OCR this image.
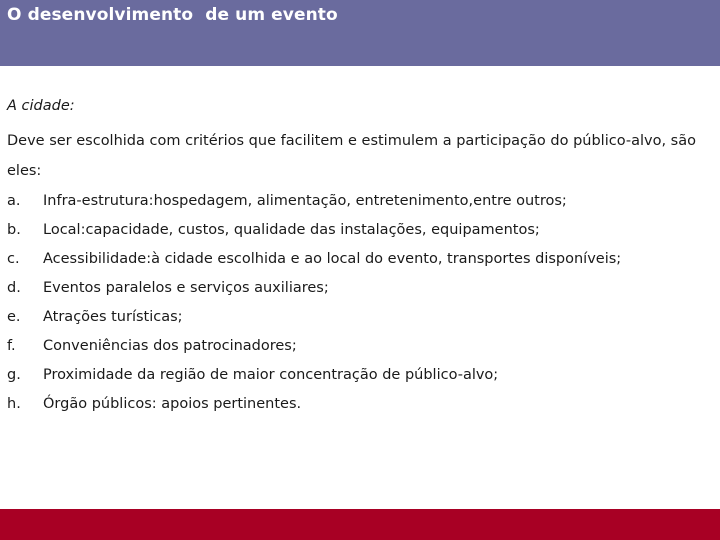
O desenvolvimento  de um evento

A cidade:

Deve ser escolhida com critérios que facilitem e estimulem a participação do público-alvo, são eles:

a.	Infra-estrutura:hospedagem, alimentação, entretenimento,entre outros;
b.	Local:capacidade, custos, qualidade das instalações, equipamentos;
c.	Acessibilidade:à cidade escolhida e ao local do evento, transportes disponíveis;
d.	Eventos paralelos e serviços auxiliares;
e.	Atrações turísticas;
f.	Conveniências dos patrocinadores;
g.	Proximidade da região de maior concentração de público-alvo;
h.	Órgão públicos: apoios pertinentes.
